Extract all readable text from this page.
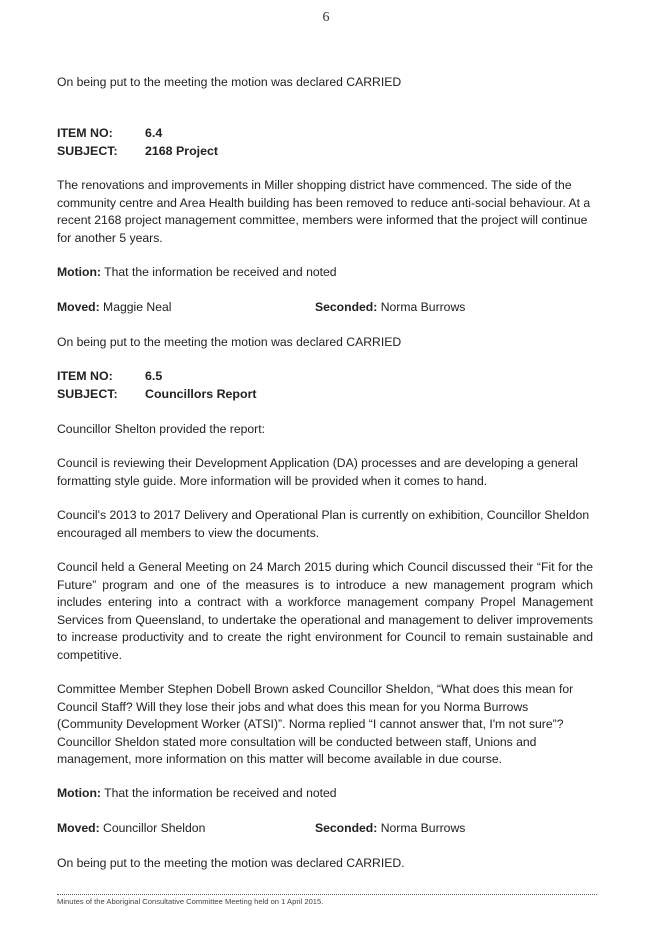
6
On being put to the meeting the motion was declared CARRIED
ITEM NO:	6.4
SUBJECT: 2168 Project
The renovations and improvements in Miller shopping district have commenced. The side of the community centre and Area Health building has been removed to reduce anti-social behaviour. At a recent 2168 project management committee, members were informed that the project will continue for another 5 years.
Motion: That the information be received and noted
Moved: Maggie Neal	Seconded: Norma Burrows
On being put to the meeting the motion was declared CARRIED
ITEM NO:	6.5
SUBJECT: Councillors Report
Councillor Shelton provided the report:
Council is reviewing their Development Application (DA) processes and are developing a general formatting style guide. More information will be provided when it comes to hand.
Council's 2013 to 2017 Delivery and Operational Plan is currently on exhibition, Councillor Sheldon encouraged all members to view the documents.
Council held a General Meeting on 24 March 2015 during which Council discussed their “Fit for the Future” program and one of the measures is to introduce a new management program which includes entering into a contract with a workforce management company Propel Management Services from Queensland, to undertake the operational and management to deliver improvements to increase productivity and to create the right environment for Council to remain sustainable and competitive.
Committee Member Stephen Dobell Brown asked Councillor Sheldon, “What does this mean for Council Staff? Will they lose their jobs and what does this mean for you Norma Burrows (Community Development Worker (ATSI)”. Norma replied “I cannot answer that, I'm not sure”? Councillor Sheldon stated more consultation will be conducted between staff, Unions and management, more information on this matter will become available in due course.
Motion: That the information be received and noted
Moved: Councillor Sheldon	Seconded: Norma Burrows
On being put to the meeting the motion was declared CARRIED.
Minutes of the Aboriginal Consultative Committee Meeting held on 1 April 2015.
